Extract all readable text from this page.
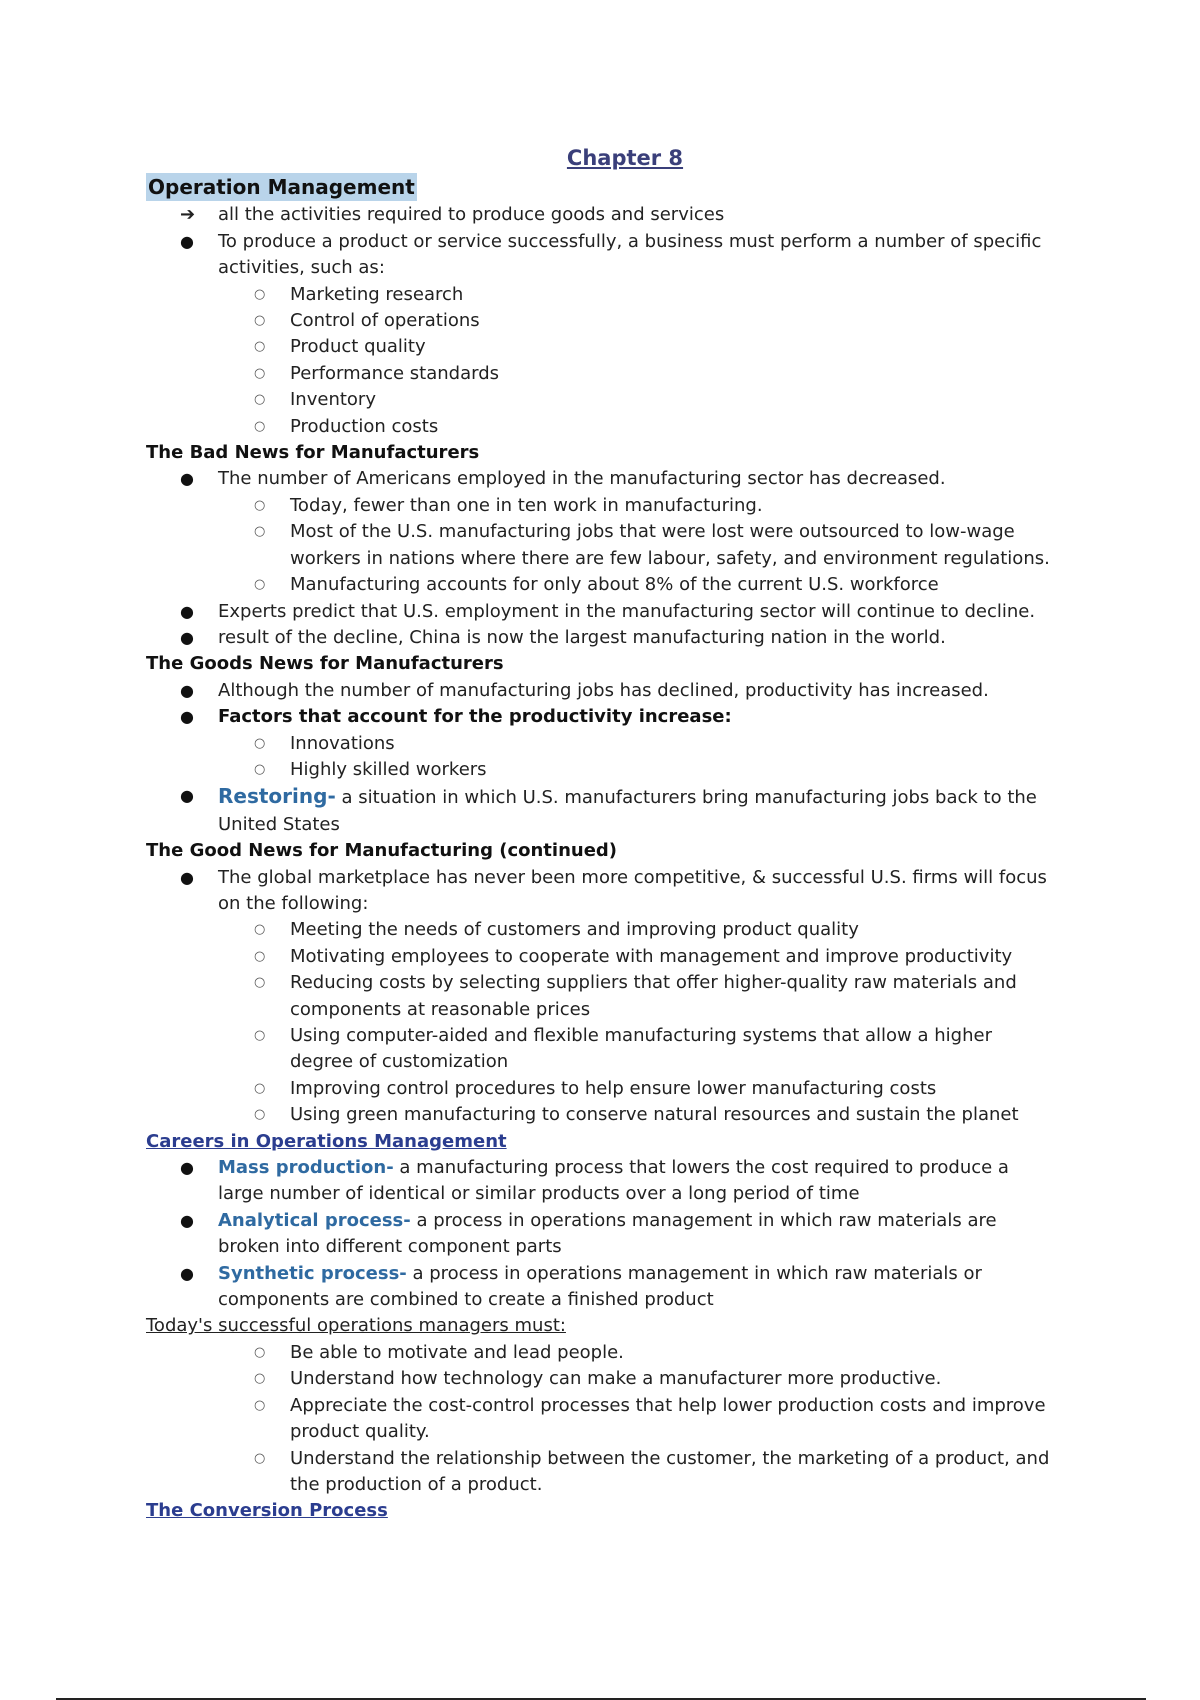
Chapter 8
Operation Management
➔ all the activities required to produce goods and services
● To produce a product or service successfully, a business must perform a number of specific activities, such as:
○ Marketing research
○ Control of operations
○ Product quality
○ Performance standards
○ Inventory
○ Production costs
The Bad News for Manufacturers
● The number of Americans employed in the manufacturing sector has decreased.
○ Today, fewer than one in ten work in manufacturing.
○ Most of the U.S. manufacturing jobs that were lost were outsourced to low-wage workers in nations where there are few labour, safety, and environment regulations.
○ Manufacturing accounts for only about 8% of the current U.S. workforce
● Experts predict that U.S. employment in the manufacturing sector will continue to decline.
● result of the decline, China is now the largest manufacturing nation in the world.
The Goods News for Manufacturers
● Although the number of manufacturing jobs has declined, productivity has increased.
● Factors that account for the productivity increase:
○ Innovations
○ Highly skilled workers
● Restoring- a situation in which U.S. manufacturers bring manufacturing jobs back to the United States
The Good News for Manufacturing (continued)
● The global marketplace has never been more competitive, & successful U.S. firms will focus on the following:
○ Meeting the needs of customers and improving product quality
○ Motivating employees to cooperate with management and improve productivity
○ Reducing costs by selecting suppliers that offer higher-quality raw materials and components at reasonable prices
○ Using computer-aided and flexible manufacturing systems that allow a higher degree of customization
○ Improving control procedures to help ensure lower manufacturing costs
○ Using green manufacturing to conserve natural resources and sustain the planet
Careers in Operations Management
● Mass production- a manufacturing process that lowers the cost required to produce a large number of identical or similar products over a long period of time
● Analytical process- a process in operations management in which raw materials are broken into different component parts
● Synthetic process- a process in operations management in which raw materials or components are combined to create a finished product
Today's successful operations managers must:
○ Be able to motivate and lead people.
○ Understand how technology can make a manufacturer more productive.
○ Appreciate the cost-control processes that help lower production costs and improve product quality.
○ Understand the relationship between the customer, the marketing of a product, and the production of a product.
The Conversion Process
